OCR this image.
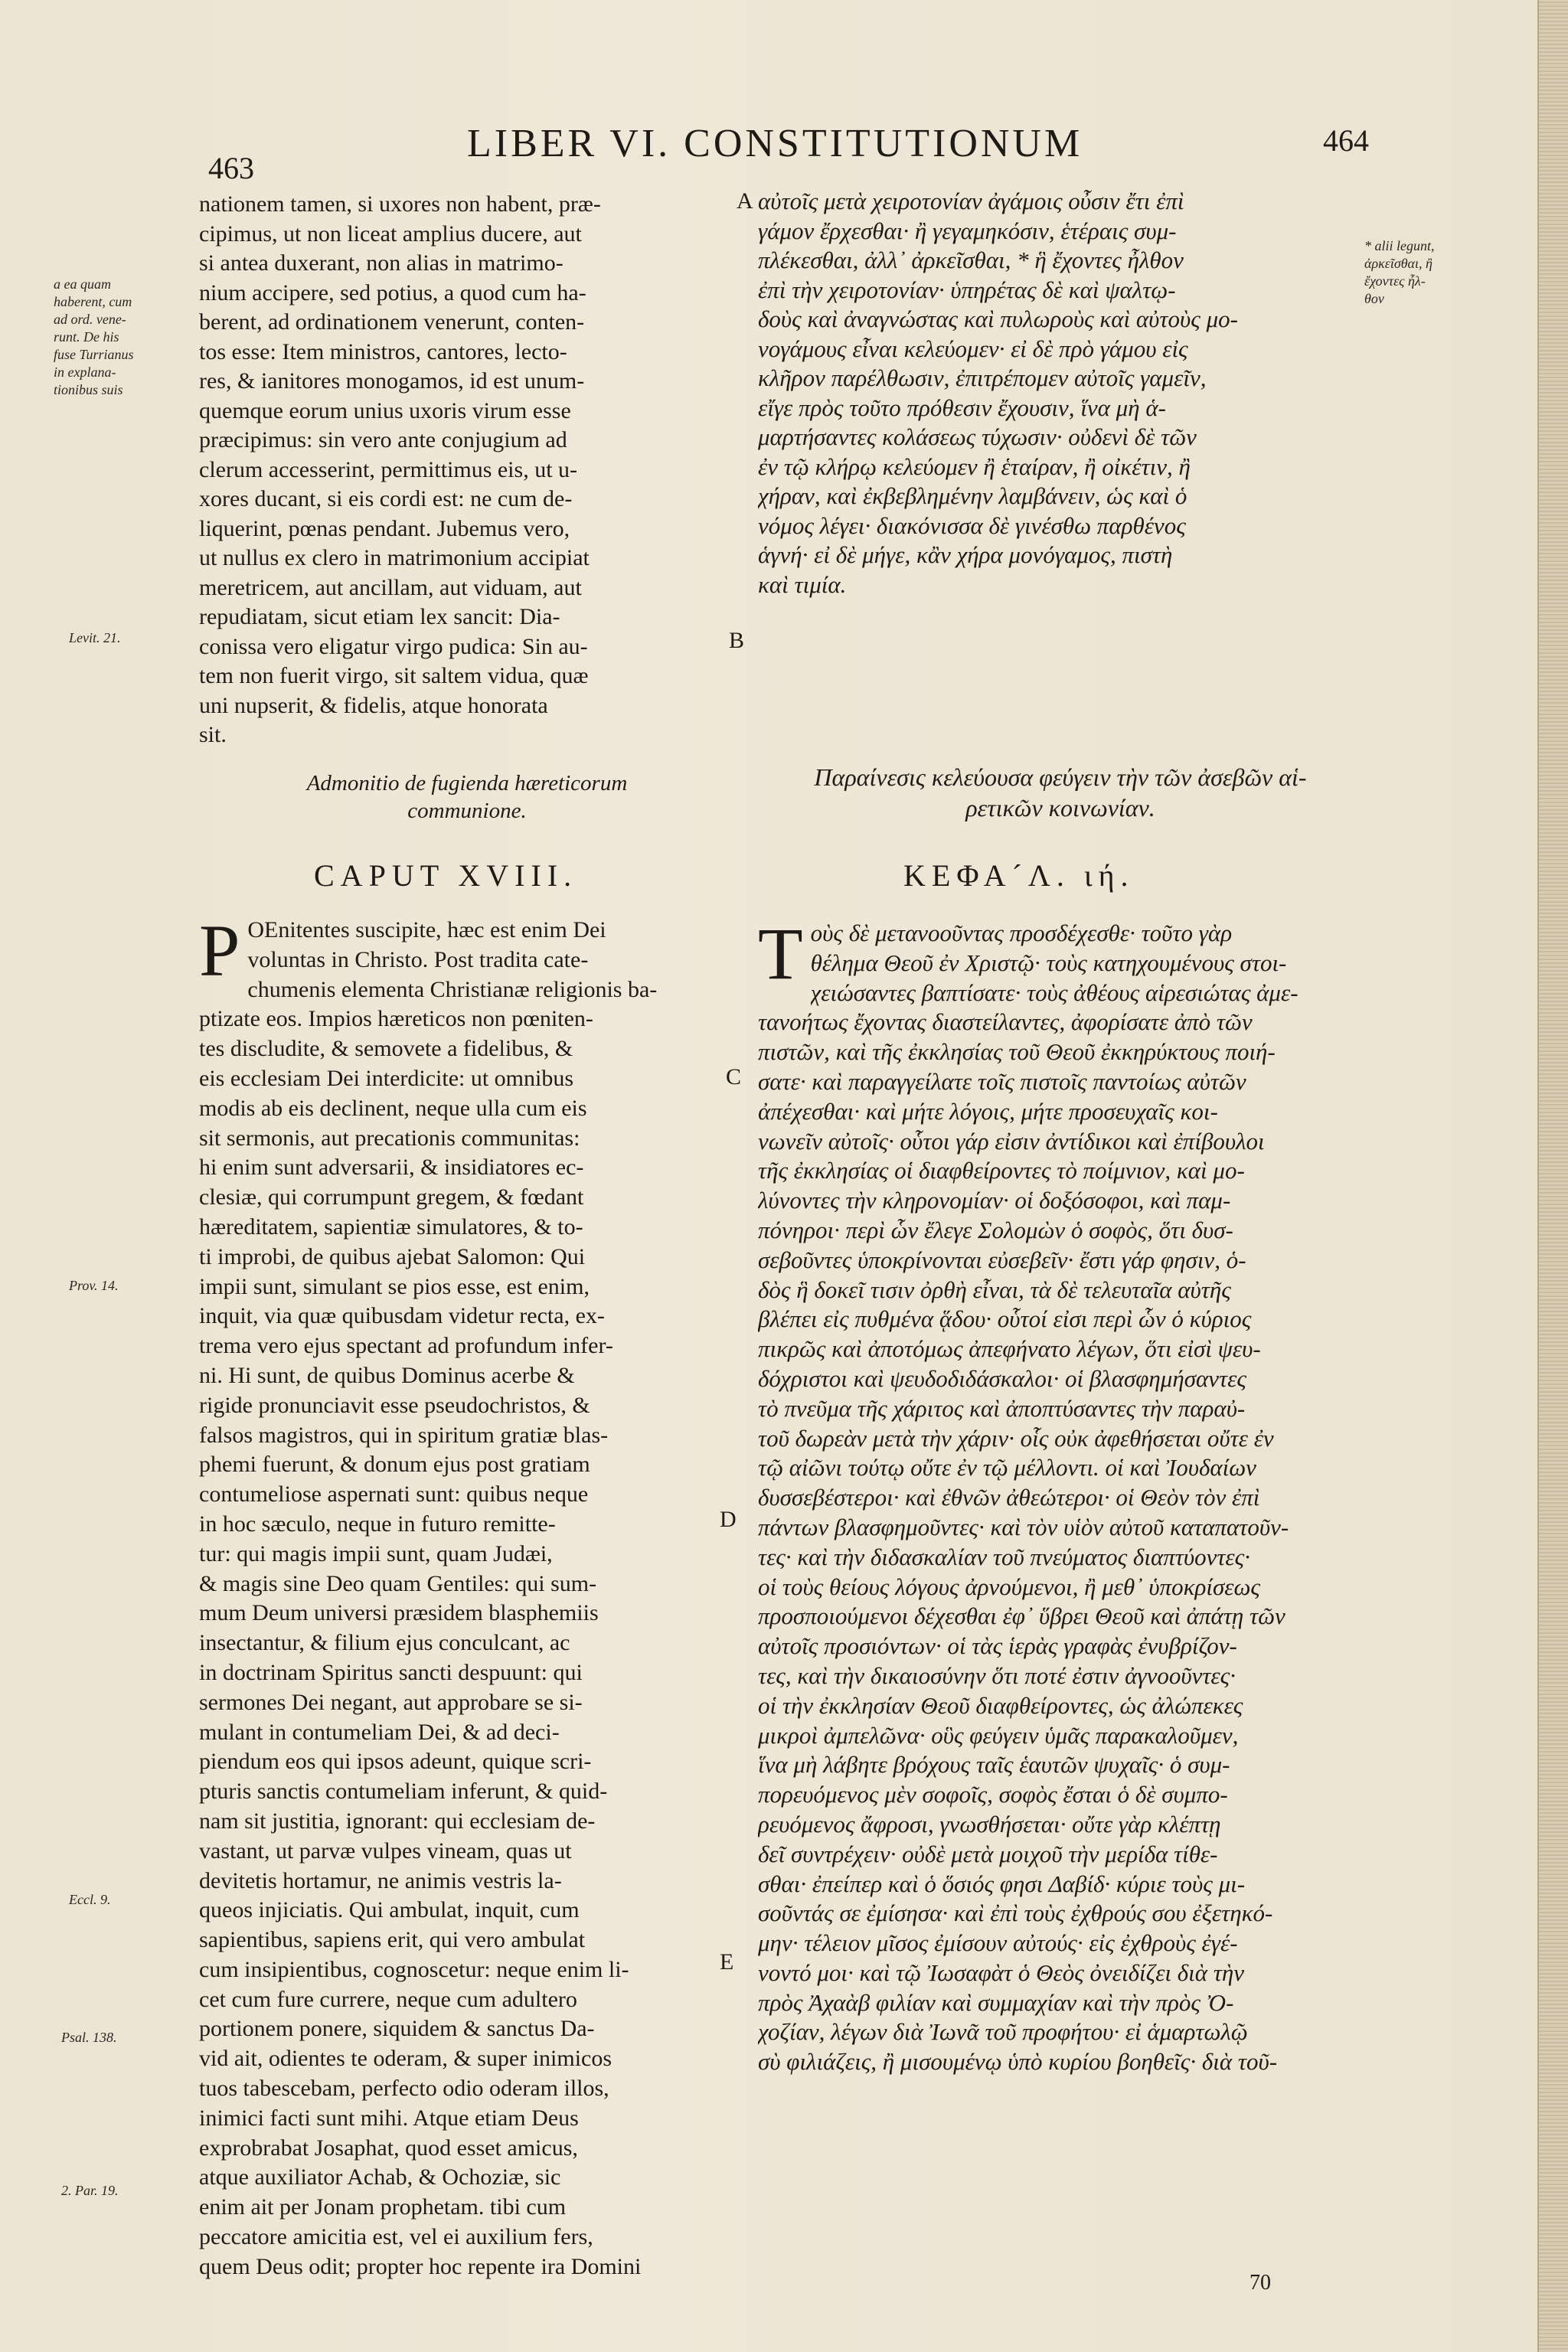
463
LIBER VI. CONSTITUTIONUM	464
nationem tamen, si uxores non habent, præ-
cipimus, ut non liceat amplius ducere, aut
si antea duxerant, non alias in matrimo-
nium accipere, sed potius, a quod cum ha-
berent, ad ordinationem venerunt, conten-
tos esse: Item ministros, cantores, lecto-
res, & ianitores monogamos, id est unum-
quemque eorum unius uxoris virum esse
præcipimus: sin vero ante conjugium ad
clerum accesserint, permittimus eis, ut u-
xores ducant, si eis cordi est: ne cum de-
liquerint, pœnas pendant. Jubemus vero,
ut nullus ex clero in matrimonium accipiat
meretricem, aut ancillam, aut viduam, aut
repudiatam, sicut etiam lex sancit: Dia-
conissa vero eligatur virgo pudica: Sin au-
tem non fuerit virgo, sit saltem vidua, quæ
uni nupserit, & fidelis, atque honorata
sit.
αὐτοῖς μετὰ χειροτονίαν ἀγάμοις οὖσιν ἔτι ἐπὶ
γάμον ἔρχεσθαι· ἢ γεγαμηκόσιν, ἑτέραις συμ-
πλέκεσθαι, ἀλλ᾽ ἀρκεῖσθαι, * ἣ ἔχοντες ἦλθον
ἐπὶ τὴν χειροτονίαν· ὑπηρέτας δὲ καὶ ψαλτῳ-
δοὺς καὶ ἀναγνώστας καὶ πυλωροὺς καὶ αὐτοὺς μο-
νογάμους εἶναι κελεύομεν· εἰ δὲ πρὸ γάμου εἰς
κλῆρον παρέλθωσιν, ἐπιτρέπομεν αὐτοῖς γαμεῖν,
εἴγε πρὸς τοῦτο πρόθεσιν ἔχουσιν, ἵνα μὴ ἁ-
μαρτήσαντες κολάσεως τύχωσιν· οὐδενὶ δὲ τῶν
ἐν τῷ κλήρῳ κελεύομεν ἢ ἑταίραν, ἢ οἰκέτιν, ἢ
χήραν, καὶ ἐκβεβλημένην λαμβάνειν, ὡς καὶ ὁ
νόμος λέγει· διακόνισσα δὲ γινέσθω παρθένος
ἁγνή· εἰ δὲ μήγε, κἂν χήρα μονόγαμος, πιστὴ
καὶ τιμία.
a ea quam
haberent, cum
ad ord. vene-
runt. De his
fuse Turrianus
in explana-
tionibus suis
* alii legunt,
ἀρκεῖσθαι, ἢ
ἔχοντες ἦλ-
θον
Levit. 21.
Prov. 14.
Eccl. 9.
Psal. 138.
2. Par. 19.
A
B
C
D
E
Admonitio de fugienda hæreticorum
communione.
Παραίνεσις κελεύουσα φεύγειν τὴν τῶν ἀσεβῶν αἱ-
ρετικῶν κοινωνίαν.
CAPUT XVIII.	ΚΕΦΑ´Λ. ιή.
P OEnitentes suscipite, hæc est enim Dei
voluntas in Christo. Post tradita cate-
chumenis elementa Christianæ religionis ba-
ptizate eos. Impios hæreticos non pœniten-
tes discludite, & semovete a fidelibus, &
eis ecclesiam Dei interdicite: ut omnibus
modis ab eis declinent, neque ulla cum eis
sit sermonis, aut precationis communitas:
hi enim sunt adversarii, & insidiatores ec-
clesiæ, qui corrumpunt gregem, & fœdant
hæreditatem, sapientiæ simulatores, & to-
ti improbi, de quibus ajebat Salomon: Qui
impii sunt, simulant se pios esse, est enim,
inquit, via quæ quibusdam videtur recta, ex-
trema vero ejus spectant ad profundum infer-
ni. Hi sunt, de quibus Dominus acerbe &
rigide pronunciavit esse pseudochristos, &
falsos magistros, qui in spiritum gratiæ blas-
phemi fuerunt, & donum ejus post gratiam
contumeliose aspernati sunt: quibus neque
in hoc sæculo, neque in futuro remitte-
tur: qui magis impii sunt, quam Judæi,
& magis sine Deo quam Gentiles: qui sum-
mum Deum universi præsidem blasphemiis
insectantur, & filium ejus conculcant, ac
in doctrinam Spiritus sancti despuunt: qui
sermones Dei negant, aut approbare se si-
mulant in contumeliam Dei, & ad deci-
piendum eos qui ipsos adeunt, quique scri-
pturis sanctis contumeliam inferunt, & quid-
nam sit justitia, ignorant: qui ecclesiam de-
vastant, ut parvæ vulpes vineam, quas ut
devitetis hortamur, ne animis vestris la-
queos injiciatis. Qui ambulat, inquit, cum
sapientibus, sapiens erit, qui vero ambulat
cum insipientibus, cognoscetur: neque enim li-
cet cum fure currere, neque cum adultero
portionem ponere, siquidem & sanctus Da-
vid ait, odientes te oderam, & super inimicos
tuos tabescebam, perfecto odio oderam illos,
inimici facti sunt mihi. Atque etiam Deus
exprobrabat Josaphat, quod esset amicus,
atque auxiliator Achab, & Ochoziæ, sic
enim ait per Jonam prophetam. tibi cum
peccatore amicitia est, vel ei auxilium fers,
quem Deus odit; propter hoc repente ira Domini
T οὺς δὲ μετανοοῦντας προσδέχεσθε· τοῦτο γὰρ
θέλημα Θεοῦ ἐν Χριστῷ· τοὺς κατηχουμένους στοι-
χειώσαντες βαπτίσατε· τοὺς ἀθέους αἱρεσιώτας ἀμε-
τανοήτως ἔχοντας διαστείλαντες, ἀφορίσατε ἀπὸ τῶν
πιστῶν, καὶ τῆς ἐκκλησίας τοῦ Θεοῦ ἐκκηρύκτους ποιή-
σατε· καὶ παραγγείλατε τοῖς πιστοῖς παντοίως αὐτῶν
ἀπέχεσθαι· καὶ μήτε λόγοις, μήτε προσευχαῖς κοι-
νωνεῖν αὐτοῖς· οὗτοι γάρ εἰσιν ἀντίδικοι καὶ ἐπίβουλοι
τῆς ἐκκλησίας οἱ διαφθείροντες τὸ ποίμνιον, καὶ μο-
λύνοντες τὴν κληρονομίαν· οἱ δοξόσοφοι, καὶ παμ-
πόνηροι· περὶ ὧν ἔλεγε Σολομὼν ὁ σοφὸς, ὅτι δυσ-
σεβοῦντες ὑποκρίνονται εὐσεβεῖν· ἔστι γάρ φησιν, ὁ-
δὸς ἣ δοκεῖ τισιν ὀρθὴ εἶναι, τὰ δὲ τελευταῖα αὐτῆς
βλέπει εἰς πυθμένα ᾅδου· οὗτοί εἰσι περὶ ὧν ὁ κύριος
πικρῶς καὶ ἀποτόμως ἀπεφήνατο λέγων, ὅτι εἰσὶ ψευ-
δόχριστοι καὶ ψευδοδιδάσκαλοι· οἱ βλασφημήσαντες
τὸ πνεῦμα τῆς χάριτος καὶ ἀποπτύσαντες τὴν παραὐ-
τοῦ δωρεὰν μετὰ τὴν χάριν· οἷς οὐκ ἀφεθήσεται οὔτε ἐν
τῷ αἰῶνι τούτῳ οὔτε ἐν τῷ μέλλοντι. οἱ καὶ Ἰουδαίων
δυσσεβέστεροι· καὶ ἐθνῶν ἀθεώτεροι· οἱ Θεὸν τὸν ἐπὶ
πάντων βλασφημοῦντες· καὶ τὸν υἱὸν αὐτοῦ καταπατοῦν-
τες· καὶ τὴν διδασκαλίαν τοῦ πνεύματος διαπτύοντες·
οἱ τοὺς θείους λόγους ἀρνούμενοι, ἢ μεθ᾽ ὑποκρίσεως
προσποιούμενοι δέχεσθαι ἐφ᾽ ὕβρει Θεοῦ καὶ ἀπάτῃ τῶν
αὐτοῖς προσιόντων· οἱ τὰς ἱερὰς γραφὰς ἐνυβρίζον-
τες, καὶ τὴν δικαιοσύνην ὅτι ποτέ ἐστιν ἀγνοοῦντες·
οἱ τὴν ἐκκλησίαν Θεοῦ διαφθείροντες, ὡς ἀλώπεκες
μικροὶ ἀμπελῶνα· οὓς φεύγειν ὑμᾶς παρακαλοῦμεν,
ἵνα μὴ λάβητε βρόχους ταῖς ἑαυτῶν ψυχαῖς· ὁ συμ-
πορευόμενος μὲν σοφοῖς, σοφὸς ἔσται ὁ δὲ συμπο-
ρευόμενος ἄφροσι, γνωσθήσεται· οὔτε γὰρ κλέπτῃ
δεῖ συντρέχειν· οὐδὲ μετὰ μοιχοῦ τὴν μερίδα τίθε-
σθαι· ἐπείπερ καὶ ὁ ὅσιός φησι Δαβίδ· κύριε τοὺς μι-
σοῦντάς σε ἐμίσησα· καὶ ἐπὶ τοὺς ἐχθρούς σου ἐξετηκό-
μην· τέλειον μῖσος ἐμίσουν αὐτούς· εἰς ἐχθροὺς ἐγέ-
νοντό μοι· καὶ τῷ Ἰωσαφὰτ ὁ Θεὸς ὀνειδίζει διὰ τὴν
πρὸς Ἀχαὰβ φιλίαν καὶ συμμαχίαν καὶ τὴν πρὸς Ὀ-
χοζίαν, λέγων διὰ Ἰωνᾶ τοῦ προφήτου· εἰ ἁμαρτωλῷ
σὺ φιλιάζεις, ἢ μισουμένῳ ὑπὸ κυρίου βοηθεῖς· διὰ τοῦ-
70
